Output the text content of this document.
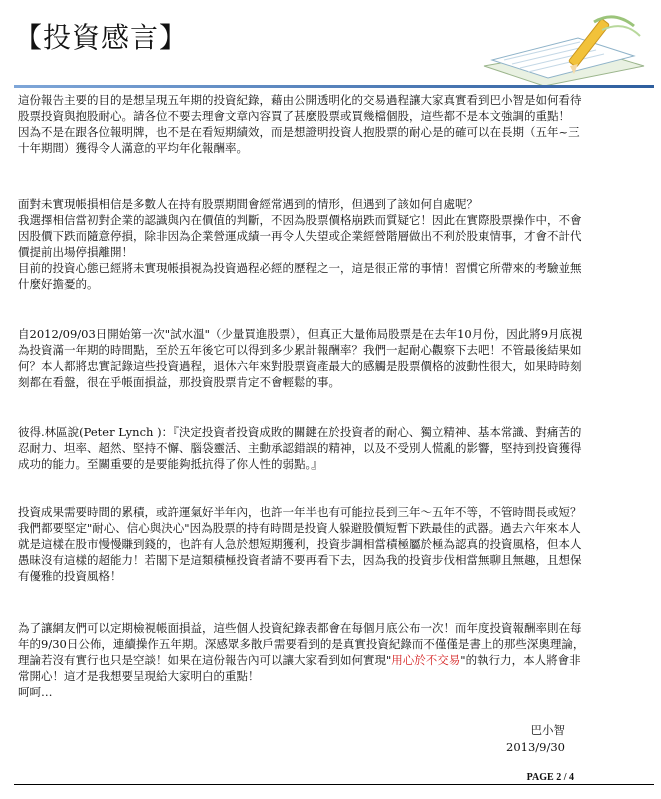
【投資感言】

這份報告主要的目的是想呈現五年期的投資紀錄，藉由公開透明化的交易過程讓大家真實看到巴小智是如何看待股票投資與抱股耐心。請各位不要去理會文章內容買了甚麼股票或買幾檔個股，這些都不是本文強調的重點！　因為不是在跟各位報明牌，也不是在看短期績效，而是想證明投資人抱股票的耐心是的確可以在長期（五年~三十年期間）獲得令人滿意的平均年化報酬率。

面對未實現帳損相信是多數人在持有股票期間會經常遇到的情形，但遇到了該如何自處呢？

我選擇相信當初對企業的認識與內在價值的判斷，不因為股票價格崩跌而質疑它！因此在實際股票操作中，不會因股價下跌而隨意停損，除非因為企業營運成績一再令人失望或企業經營階層做出不利於股東情事，才會不計代價提前出場停損離開！

目前的投資心態已經將未實現帳損視為投資過程必經的歷程之一，這是很正常的事情！習慣它所帶來的考驗並無什麼好擔憂的。

自2012/09/03日開始第一次"試水溫"（少量買進股票），但真正大量佈局股票是在去年10月份，因此將9月底視為投資滿一年期的時間點，至於五年後它可以得到多少累計報酬率？我們一起耐心觀察下去吧！不管最後結果如何？本人都將忠實記錄這些投資過程，退休六年來對股票資產最大的感觸是股票價格的波動性很大，如果時時刻刻都在看盤，很在乎帳面損益，那投資股票肯定不會輕鬆的事。

彼得.林區說(Peter Lynch )：『決定投資者投資成敗的關鍵在於投資者的耐心、獨立精神、基本常識、對痛苦的忍耐力、坦率、超然、堅持不懈、腦袋靈活、主動承認錯誤的精神，以及不受別人慌亂的影響，堅持到投資獲得成功的能力。至關重要的是要能夠抵抗得了你人性的弱點。』

投資成果需要時間的累積，或許運氣好半年內，也許一年半也有可能拉長到三年～五年不等，不管時間長或短？我們都要堅定"耐心、信心與決心"因為股票的持有時間是投資人躲避股價短暫下跌最佳的武器。過去六年來本人就是這樣在股市慢慢賺到錢的，也許有人急於想短期獲利，投資步調相當積極屬於極為認真的投資風格，但本人愚昧沒有這樣的超能力！若閣下是這類積極投資者請不要再看下去，因為我的投資步伐相當無聊且無趣，且想保有優雅的投資風格！

為了讓網友們可以定期檢視帳面損益，這些個人投資紀錄表都會在每個月底公布一次！而年度投資報酬率則在每年的9/30日公佈，連續操作五年期。深感眾多散戶需要看到的是真實投資紀錄而不僅僅是書上的那些深奧理論，理論若沒有實行也只是空談！如果在這份報告內可以讓大家看到如何實現"用心於不交易"的執行力，本人將會非常開心！這才是我想要呈現給大家明白的重點！

呵呵…

巴小智
2013/9/30
PAGE 2 / 4
